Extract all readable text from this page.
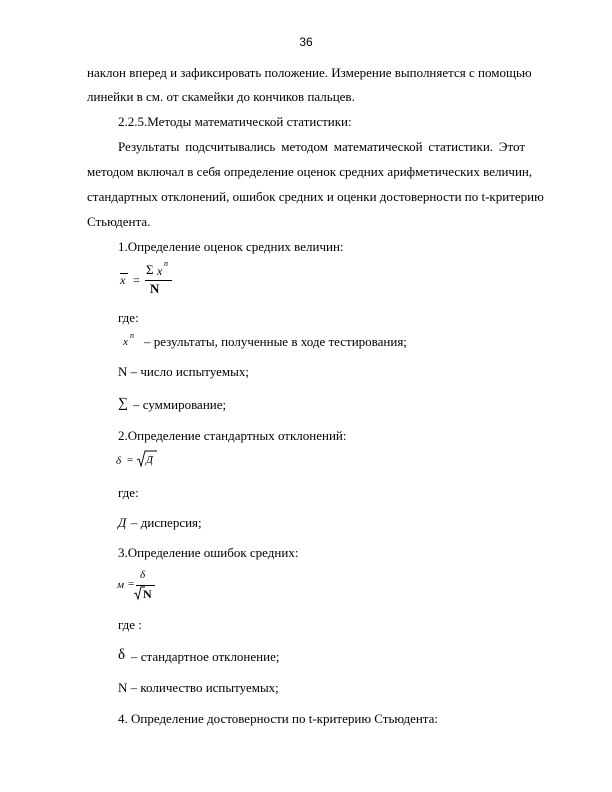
36
наклон вперед и зафиксировать положение. Измерение выполняется с помощью
линейки в см. от скамейки до кончиков пальцев.
2.2.5.Методы математической статистики:
Результаты подсчитывались методом математической статистики. Этот
методом включал в себя определение оценок средних арифметических величин,
стандартных отклонений, ошибок средних и оценки достоверности по t-критерию
Стьюдента.
1.Определение оценок средних величин:
x =
Σ x
n
N
где:
x
n – результаты, полученные в ходе тестирования;
N – число испытуемых;
∑ – суммирование;
2.Определение стандартных отклонений:
δ = Д
где:
Д – дисперсия;
3.Определение ошибок средних:
м =
δ
N
где :
δ – стандартное отклонение;
N – количество испытуемых;
4. Определение достоверности по t-критерию Стьюдента:
